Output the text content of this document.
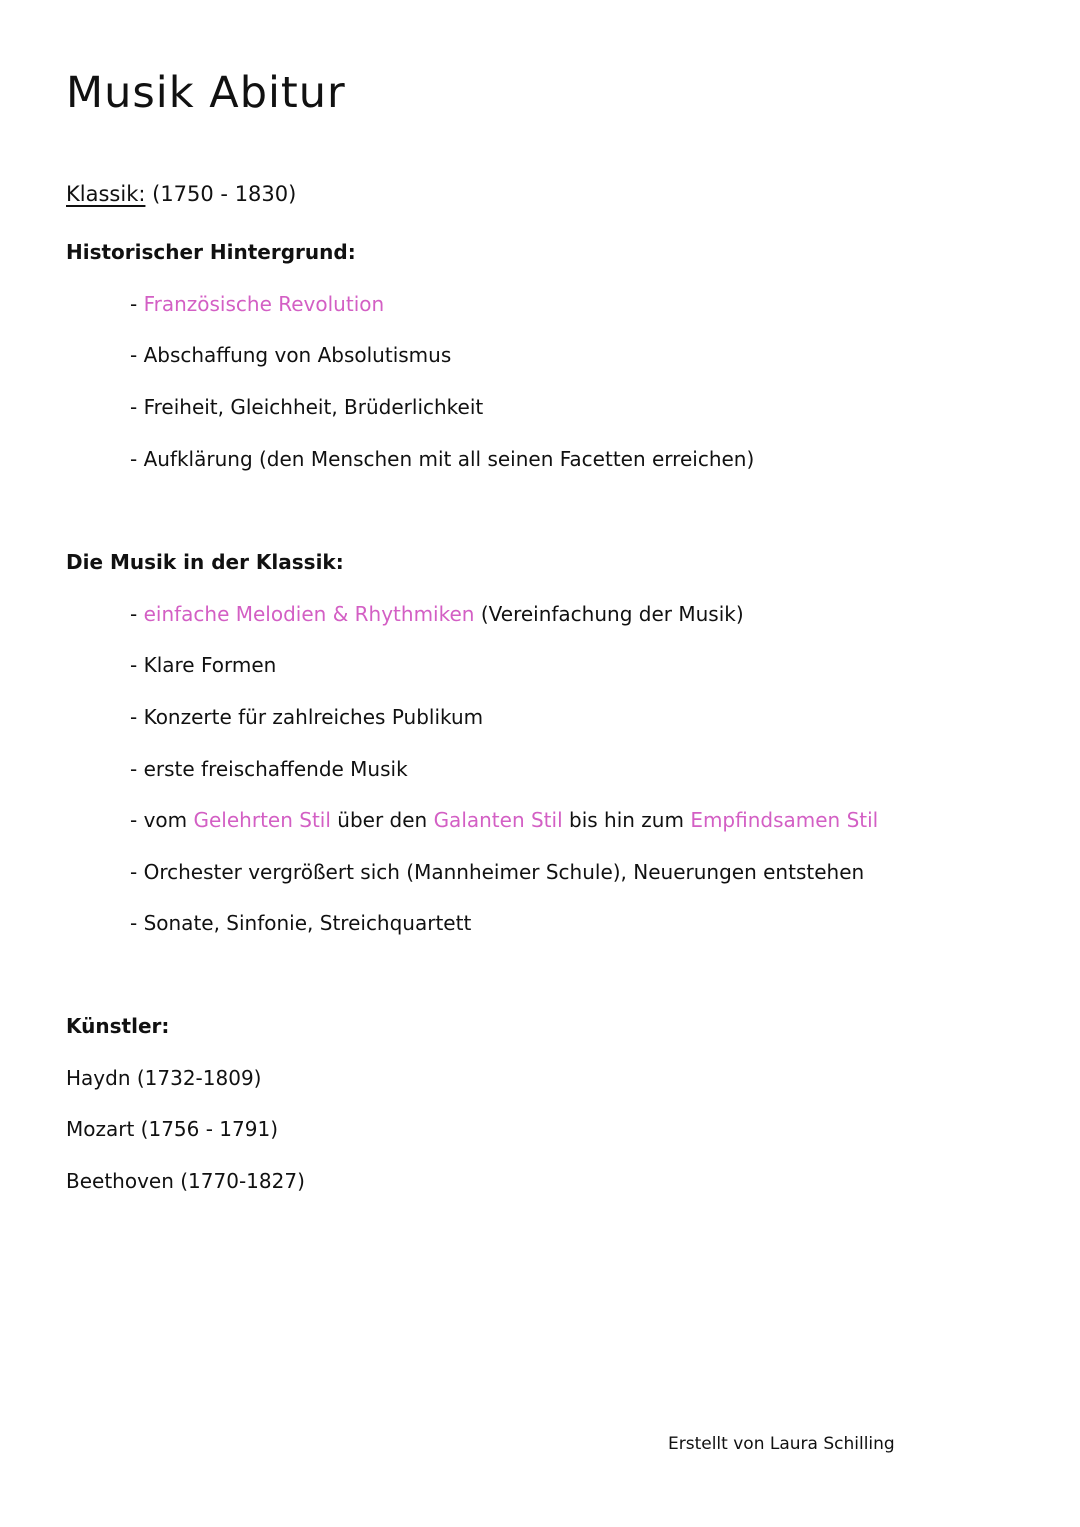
Musik Abitur
Klassik: (1750 - 1830)
Historischer Hintergrund:
- Französische Revolution
- Abschaffung von Absolutismus
- Freiheit, Gleichheit, Brüderlichkeit
- Aufklärung (den Menschen mit all seinen Facetten erreichen)
Die Musik in der Klassik:
- einfache Melodien & Rhythmiken (Vereinfachung der Musik)
- Klare Formen
- Konzerte für zahlreiches Publikum
- erste freischaffende Musik
- vom Gelehrten Stil über den Galanten Stil bis hin zum Empfindsamen Stil
- Orchester vergrößert sich (Mannheimer Schule), Neuerungen entstehen
- Sonate, Sinfonie, Streichquartett
Künstler:
Haydn (1732-1809)
Mozart (1756 - 1791)
Beethoven (1770-1827)
Erstellt von Laura Schilling
